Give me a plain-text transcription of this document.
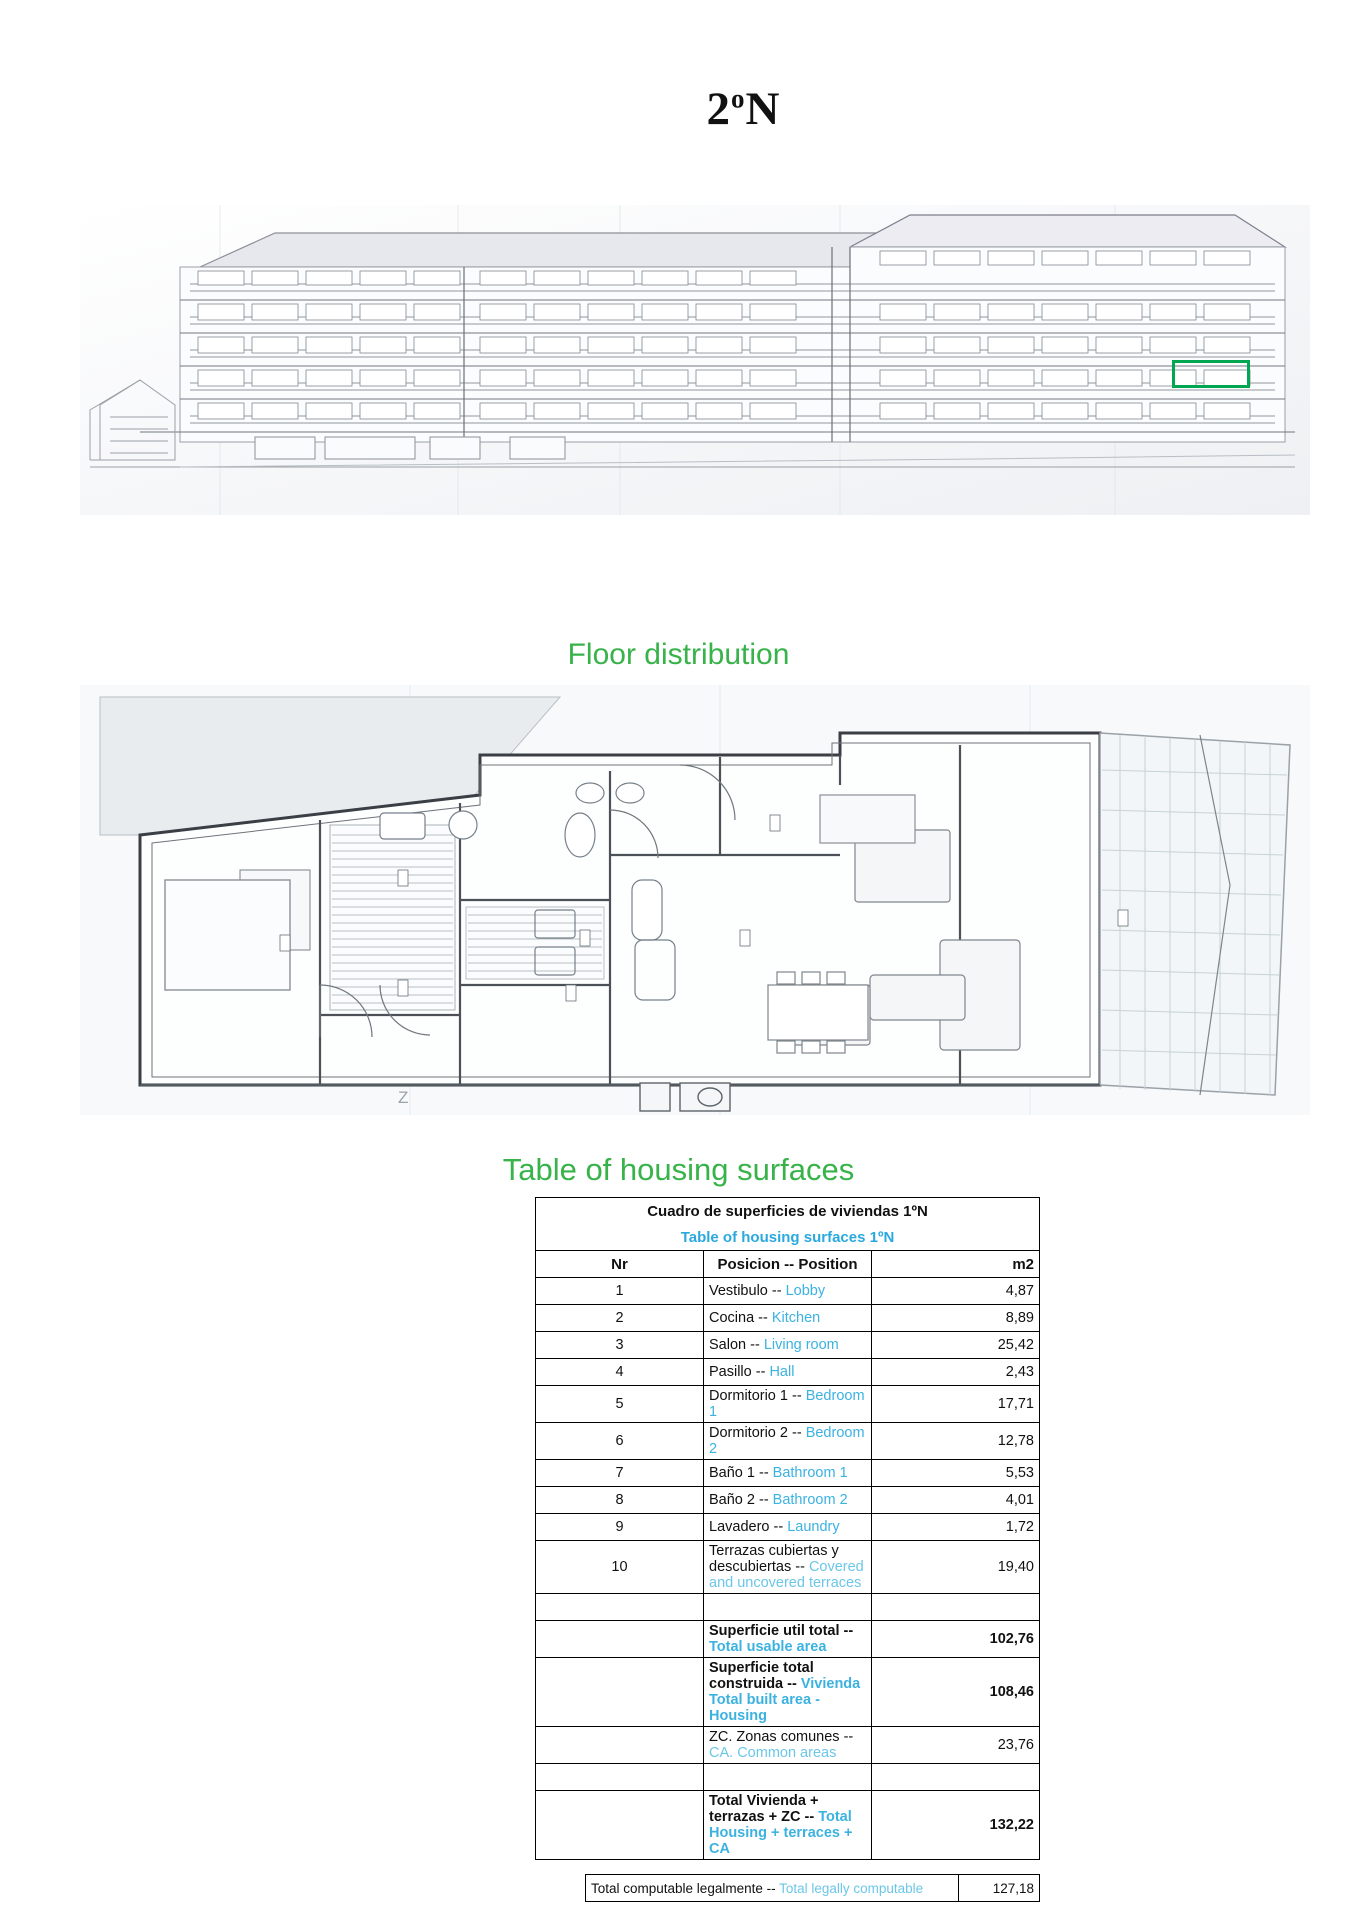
2$^o$N
Floor distribution
Z
Table of housing surfaces
Cuadro de superficies de viviendas 1ºN		
Table of housing surfaces 1ºN		
Nr	Posicion -- Position	m2
1	Vestibulo -- Lobby	4,87
2	Cocina -- Kitchen	8,89
3	Salon -- Living room	25,42
4	Pasillo -- Hall	2,43
5	Dormitorio 1 -- Bedroom 1	17,71
6	Dormitorio 2 -- Bedroom 2	12,78
7	Baño 1 -- Bathroom 1	5,53
8	Baño 2 -- Bathroom 2	4,01
9	Lavadero -- Laundry	1,72
10	Terrazas cubiertas y descubiertas -- Covered and uncovered terraces	19,40

	Superficie util total -- Total usable area	102,76
	Superficie total construida -- Vivienda Total built area - Housing	108,46
	ZC. Zonas comunes -- CA. Common areas	23,76

	Total Vivienda + terrazas + ZC -- Total Housing + terraces + CA	132,22
	Total computable legalmente -- Total legally computable	127,18
